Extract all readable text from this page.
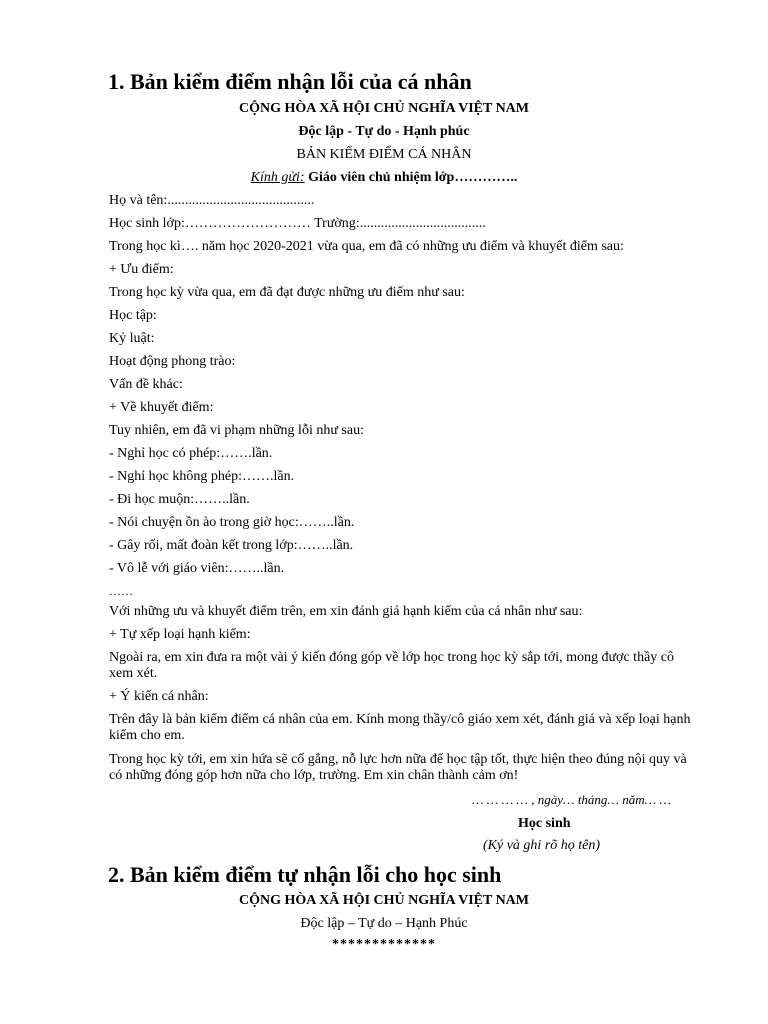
1. Bản kiểm điểm nhận lỗi của cá nhân
CỘNG HÒA XÃ HỘI CHỦ NGHĨA VIỆT NAM
Độc lập - Tự do - Hạnh phúc
BẢN KIỂM ĐIỂM CÁ NHÂN
Kính gửi: Giáo viên chủ nhiệm lớp…………..
Họ và tên:..........................................
Học sinh lớp:……………………… Trường:....................................
Trong học kì…. năm học 2020-2021 vừa qua, em đã có những ưu điểm và khuyết điểm sau:
+ Ưu điểm:
Trong học kỳ vừa qua, em đã đạt được những ưu điểm như sau:
Học tập:
Kỷ luật:
Hoạt động phong trào:
Vấn đề khác:
+ Về khuyết điểm:
Tuy nhiên, em đã vi phạm những lỗi như sau:
- Nghỉ học có phép:…….lần.
- Nghỉ học không phép:…….lần.
- Đi học muộn:……..lần.
- Nói chuyện ồn ào trong giờ học:……..lần.
- Gây rối, mất đoàn kết trong lớp:……..lần.
- Vô lễ với giáo viên:……..lần.
……
Với những ưu và khuyết điểm trên, em xin đánh giá hạnh kiểm của cá nhân như sau:
+ Tự xếp loại hạnh kiểm:
Ngoài ra, em xin đưa ra một vài ý kiến đóng góp về lớp học trong học kỳ sắp tới, mong được thầy cô xem xét.
+ Ý kiến cá nhân:
Trên đây là bản kiểm điểm cá nhân của em. Kính mong thầy/cô giáo xem xét, đánh giá và xếp loại hạnh kiểm cho em.
Trong học kỳ tới, em xin hứa sẽ cố gắng, nỗ lực hơn nữa để học tập tốt, thực hiện theo đúng nội quy và có những đóng góp hơn nữa cho lớp, trường. Em xin chân thành cảm ơn!
… … … … , ngày… tháng… năm… …
Học sinh
(Ký và ghi rõ họ tên)
2. Bản kiểm điểm tự nhận lỗi cho học sinh
CỘNG HÒA XÃ HỘI CHỦ NGHĨA VIỆT NAM
Độc lập – Tự do – Hạnh Phúc
*************
